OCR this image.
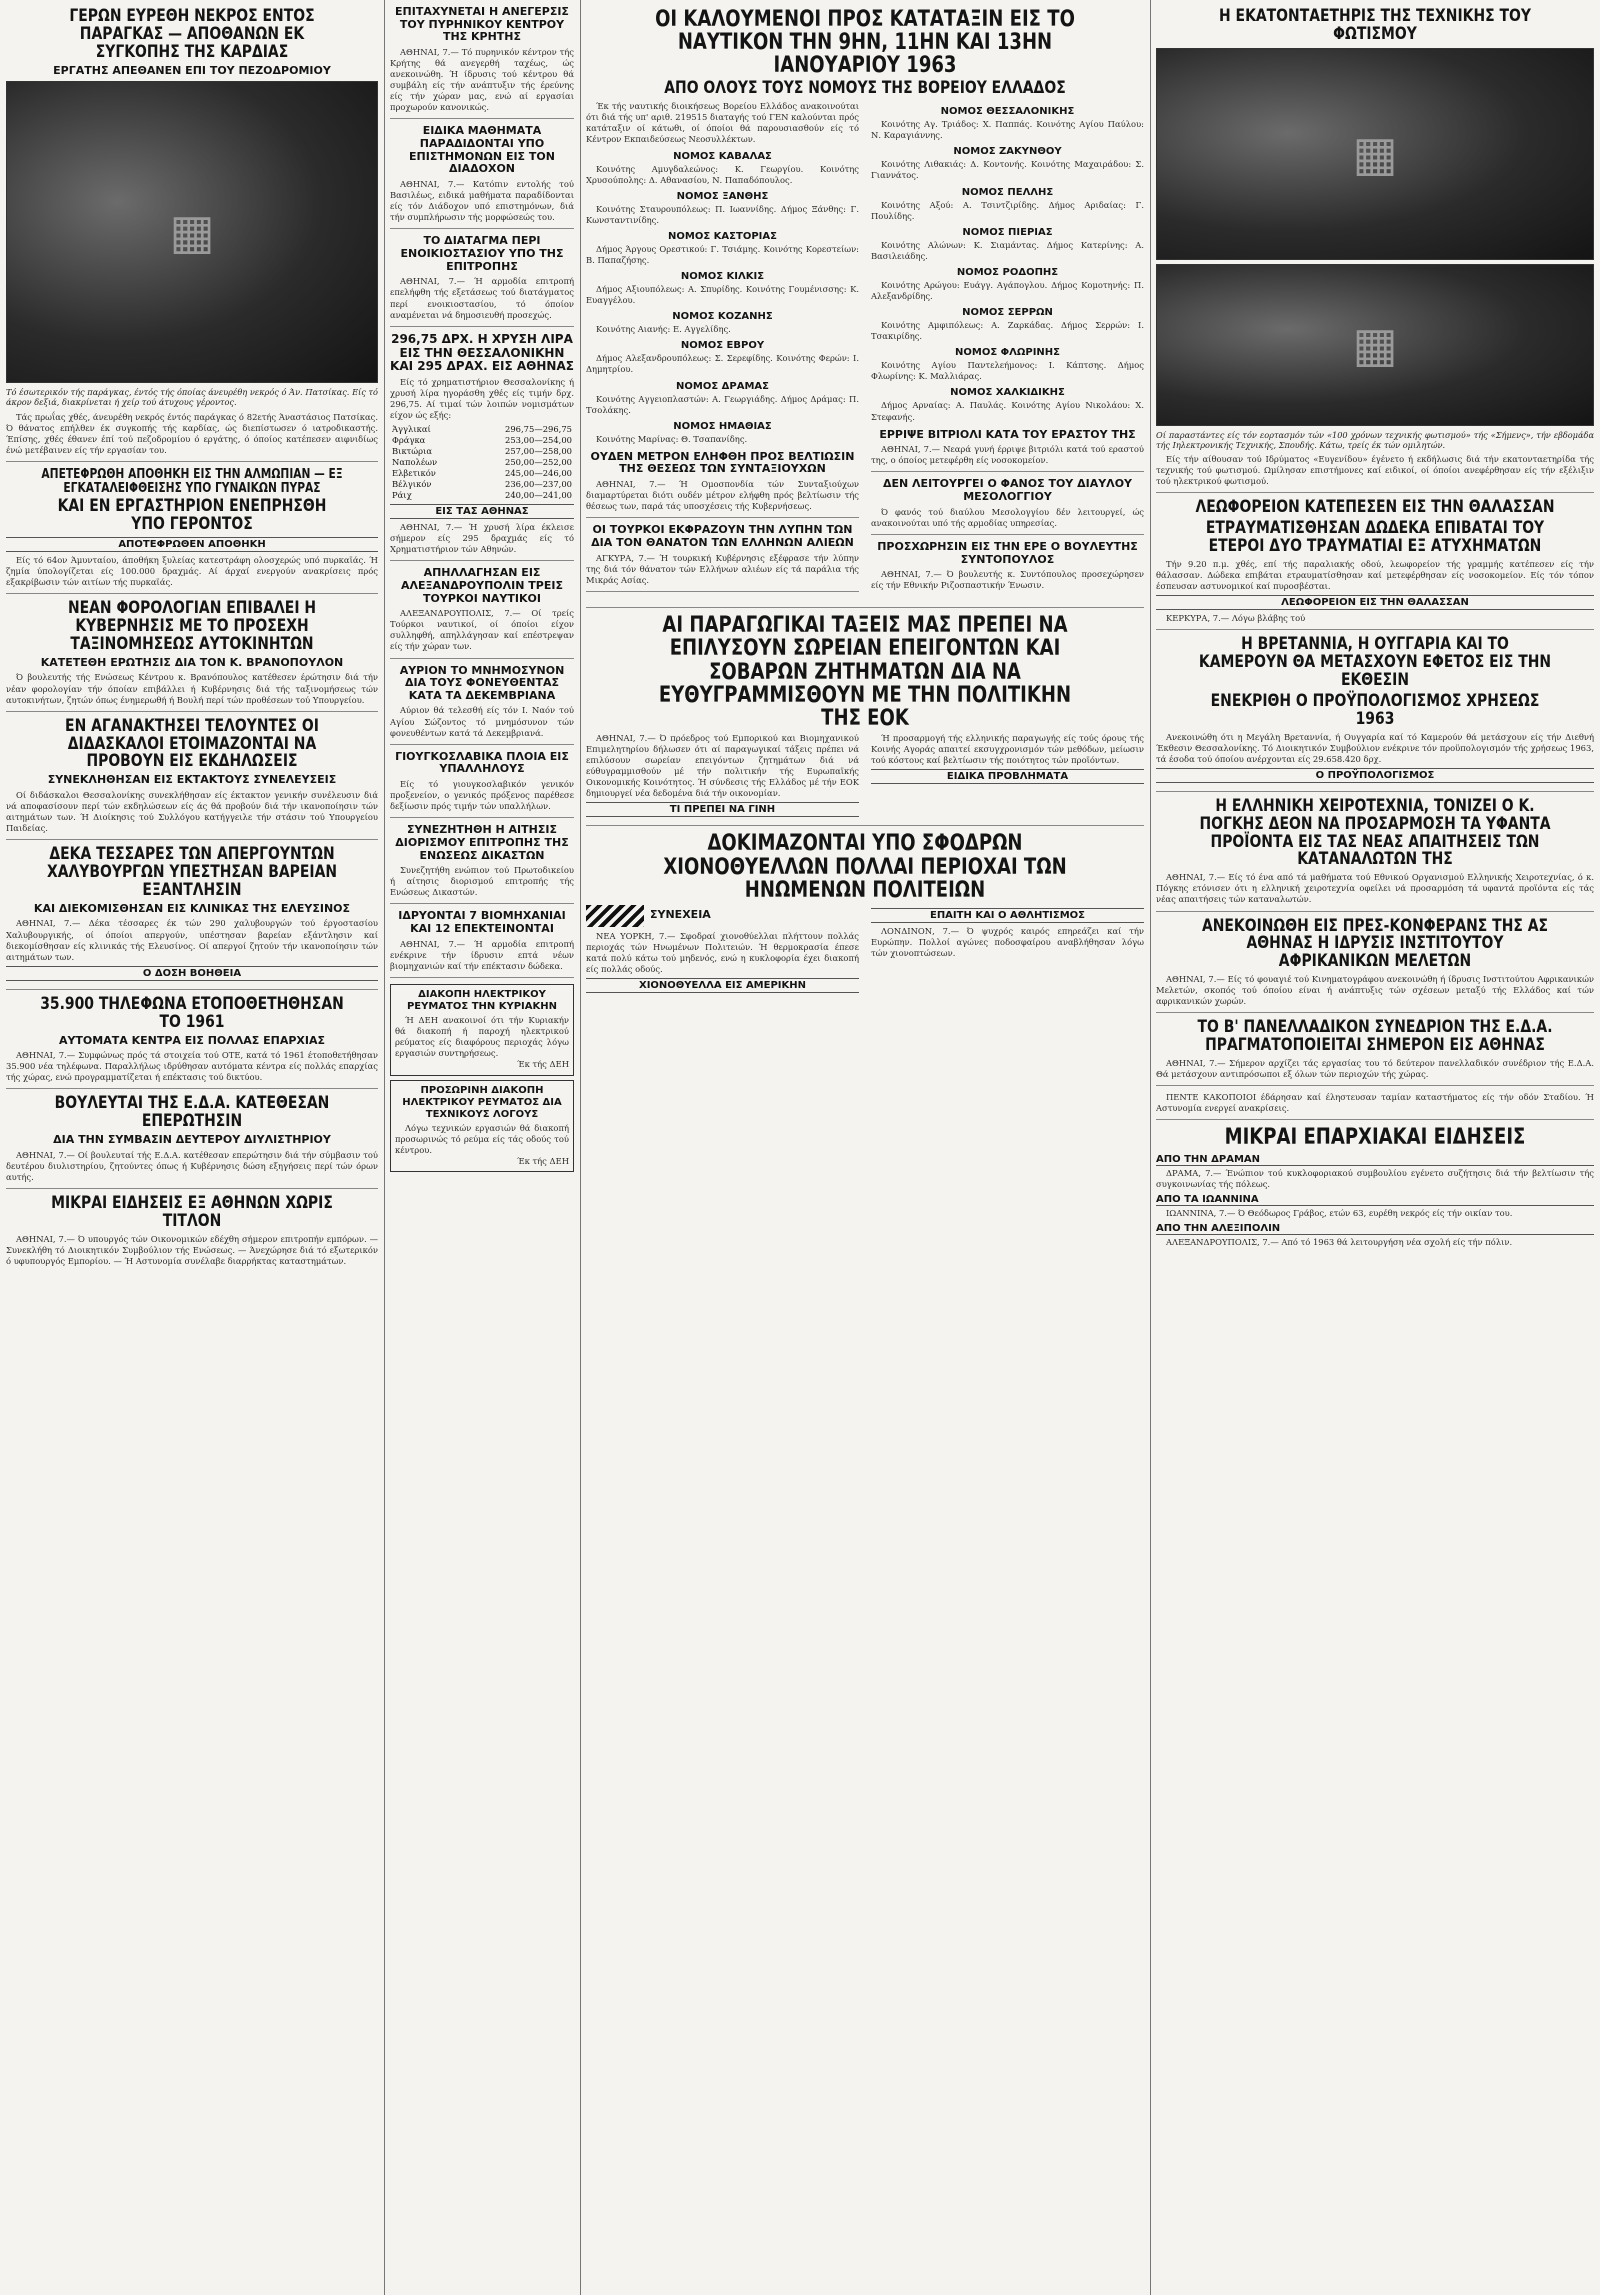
ΓΕΡΩΝ ΕΥΡΕΘΗ ΝΕΚΡΟΣ ΕΝΤΟΣ ΠΑΡΑΓΚΑΣ — ΑΠΟΘΑΝΩΝ ΕΚ ΣΥΓΚΟΠΗΣ ΤΗΣ ΚΑΡΔΙΑΣ
ΕΡΓΑΤΗΣ ΑΠΕΘΑΝΕΝ ΕΠΙ ΤΟΥ ΠΕΖΟΔΡΟΜΙΟΥ
▦

Τό έσωτερικόν τής παράγκας, έντός τής όποίας άνευρέθη νεκρός ό Άν. Πατσίκας. Είς τό άκρον δεξιά, διακρίνεται ή χείρ τού άτυχους γέροντος.

Τάς πρωΐας χθές, άνευρέθη νεκρός έντός παράγκας ό 82ετής Άναστάσιος Πατσίκας. Ό θάνατος επήλθεν έκ συγκοπής τής καρδίας, ώς διεπίστωσεν ό ιατροδικαστής. Έπίσης, χθές έθανεν έπί τού πεζοδρομίου ό εργάτης, ό όποίος κατέπεσεν αιφνιδίως ένώ μετέβαινεν είς τήν εργασίαν του.

ΑΠΕΤΕΦΡΩΘΗ ΑΠΟΘΗΚΗ ΕΙΣ ΤΗΝ ΑΛΜΩΠΙΑΝ — ΕΞ ΕΓΚΑΤΑΛΕΙΦΘΕΙΣΗΣ ΥΠΟ ΓΥΝΑΙΚΩΝ ΠΥΡΑΣ
ΚΑΙ ΕΝ ΕΡΓΑΣΤΗΡΙΟΝ ΕΝΕΠΡΗΣΘΗ ΥΠΟ ΓΕΡΟΝΤΟΣ
ΑΠΟΤΕΦΡΩΘΕΝ ΑΠΟΘΗΚΗ

Είς τό 64ον Άμυνταίου, άποθήκη ξυλείας κατεστράφη ολοσχερώς υπό πυρκαϊάς. Ή ζημία ύπολογίζεται είς 100.000 δραχμάς. Αί άρχαί ενεργούν ανακρίσεις πρός εξακρίβωσιν τών αιτίων τής πυρκαϊάς.

ΝΕΑΝ ΦΟΡΟΛΟΓΙΑΝ ΕΠΙΒΑΛΕΙ Η ΚΥΒΕΡΝΗΣΙΣ ΜΕ ΤΟ ΠΡΟΣΕΧΗ ΤΑΞΙΝΟΜΗΣΕΩΣ ΑΥΤΟΚΙΝΗΤΩΝ
ΚΑΤΕΤΕΘΗ ΕΡΩΤΗΣΙΣ ΔΙΑ ΤΟΝ Κ. ΒΡΑΝΟΠΟΥΛΟΝ

Ό βουλευτής τής Ενώσεως Κέντρου κ. Βρανόπουλος κατέθεσεν έρώτησιν διά τήν νέαν φορολογίαν τήν όποίαν επιβάλλει ή Κυβέρνησις διά τής ταξινομήσεως τών αυτοκινήτων, ζητών όπως ένημερωθή ή Βουλή περί τών προθέσεων τού Υπουργείου.

ΕΝ ΑΓΑΝΑΚΤΗΣΕΙ ΤΕΛΟΥΝΤΕΣ ΟΙ ΔΙΔΑΣΚΑΛΟΙ ΕΤΟΙΜΑΖΟΝΤΑΙ ΝΑ ΠΡΟΒΟΥΝ ΕΙΣ ΕΚΔΗΛΩΣΕΙΣ
ΣΥΝΕΚΛΗΘΗΣΑΝ ΕΙΣ ΕΚΤΑΚΤΟΥΣ ΣΥΝΕΛΕΥΣΕΙΣ

Οί διδάσκαλοι Θεσσαλονίκης συνεκλήθησαν είς έκτακτον γενικήν συνέλευσιν διά νά αποφασίσουν περί τών εκδηλώσεων είς άς θά προβούν διά τήν ικανοποίησιν τών αιτημάτων των. Ή Διοίκησις τού Συλλόγου κατήγγειλε τήν στάσιν τού Υπουργείου Παιδείας.

ΔΕΚΑ ΤΕΣΣΑΡΕΣ ΤΩΝ ΑΠΕΡΓΟΥΝΤΩΝ ΧΑΛΥΒΟΥΡΓΩΝ ΥΠΕΣΤΗΣΑΝ ΒΑΡΕΙΑΝ ΕΞΑΝΤΛΗΣΙΝ
ΚΑΙ ΔΙΕΚΟΜΙΣΘΗΣΑΝ ΕΙΣ ΚΛΙΝΙΚΑΣ ΤΗΣ ΕΛΕΥΣΙΝΟΣ

ΑΘΗΝΑΙ, 7.— Δέκα τέσσαρες έκ τών 290 χαλυβουργών τού έργοστασίου Χαλυβουργικής, οί όποίοι απεργούν, υπέστησαν βαρείαν εξάντλησιν καί διεκομίσθησαν είς κλινικάς τής Ελευσίνος. Οί απεργοί ζητούν τήν ικανοποίησιν τών αιτημάτων των.

Ο ΔΟΣΗ ΒΟΗΘΕΙΑ
35.900 ΤΗΛΕΦΩΝΑ ΕΤΟΠΟΘΕΤΗΘΗΣΑΝ ΤΟ 1961
ΑΥΤΟΜΑΤΑ ΚΕΝΤΡΑ ΕΙΣ ΠΟΛΛΑΣ ΕΠΑΡΧΙΑΣ

ΑΘΗΝΑΙ, 7.— Συμφώνως πρός τά στοιχεία τού ΟΤΕ, κατά τό 1961 έτοποθετήθησαν 35.900 νέα τηλέφωνα. Παραλλήλως ιδρύθησαν αυτόματα κέντρα είς πολλάς επαρχίας τής χώρας, ενώ προγραμματίζεται ή επέκτασις τού δικτύου.

ΒΟΥΛΕΥΤΑΙ ΤΗΣ Ε.Δ.Α. ΚΑΤΕΘΕΣΑΝ ΕΠΕΡΩΤΗΣΙΝ
ΔΙΑ ΤΗΝ ΣΥΜΒΑΣΙΝ ΔΕΥΤΕΡΟΥ ΔΙΥΛΙΣΤΗΡΙΟΥ

ΑΘΗΝΑΙ, 7.— Οί βουλευταί τής Ε.Δ.Α. κατέθεσαν επερώτησιν διά τήν σύμβασιν τού δευτέρου διυλιστηρίου, ζητούντες όπως ή Κυβέρνησις δώση εξηγήσεις περί τών όρων αυτής.

ΜΙΚΡΑΙ ΕΙΔΗΣΕΙΣ ΕΞ ΑΘΗΝΩΝ ΧΩΡΙΣ ΤΙΤΛΟΝ

ΑΘΗΝΑΙ, 7.— Ό υπουργός τών Οικονομικών εδέχθη σήμερον επιτροπήν εμπόρων. — Συνεκλήθη τό Διοικητικόν Συμβούλιον τής Ενώσεως. — Άνεχώρησε διά τό εξωτερικόν ό υφυπουργός Εμπορίου. — Ή Αστυνομία συνέλαβε διαρρήκτας καταστημάτων.

ΕΠΙΤΑΧΥΝΕΤΑΙ Η ΑΝΕΓΕΡΣΙΣ ΤΟΥ ΠΥΡΗΝΙΚΟΥ ΚΕΝΤΡΟΥ ΤΗΣ ΚΡΗΤΗΣ

ΑΘΗΝΑΙ, 7.— Τό πυρηνικόν κέντρον τής Κρήτης θά ανεγερθή ταχέως, ώς ανεκοινώθη. Ή ίδρυσις τού κέντρου θά συμβάλη είς τήν ανάπτυξιν τής έρεύνης είς τήν χώραν μας, ενώ αί εργασίαι προχωρούν κανονικώς.

ΕΙΔΙΚΑ ΜΑΘΗΜΑΤΑ ΠΑΡΑΔΙΔΟΝΤΑΙ ΥΠΟ ΕΠΙΣΤΗΜΟΝΩΝ ΕΙΣ ΤΟΝ ΔΙΑΔΟΧΟΝ

ΑΘΗΝΑΙ, 7.— Κατόπιν εντολής τού Βασιλέως, ειδικά μαθήματα παραδίδονται είς τόν Διάδοχον υπό επιστημόνων, διά τήν συμπλήρωσιν τής μορφώσεώς του.

ΤΟ ΔΙΑΤΑΓΜΑ ΠΕΡΙ ΕΝΟΙΚΙΟΣΤΑΣΙΟΥ ΥΠΟ ΤΗΣ ΕΠΙΤΡΟΠΗΣ

ΑΘΗΝΑΙ, 7.— Ή αρμοδία επιτροπή επελήφθη τής εξετάσεως τού διατάγματος περί ενοικιοστασίου, τό όποίον αναμένεται νά δημοσιευθή προσεχώς.

296,75 ΔΡΧ. Η ΧΡΥΣΗ ΛΙΡΑ ΕΙΣ ΤΗΝ ΘΕΣΣΑΛΟΝΙΚΗΝ ΚΑΙ 295 ΔΡΑΧ. ΕΙΣ ΑΘΗΝΑΣ

Είς τό χρηματιστήριον Θεσσαλονίκης ή χρυσή λίρα ηγοράσθη χθές είς τιμήν δρχ. 296,75. Αί τιμαί τών λοιπών νομισμάτων είχον ώς εξής:

Άγγλικαί	296,75—296,75
Φράγκα	253,00—254,00
Βικτώρια	257,00—258,00
Ναπολέων	250,00—252,00
Ελβετικόν	245,00—246,00
Βέλγικόν	236,00—237,00
Ράιχ	240,00—241,00
ΕΙΣ ΤΑΣ ΑΘΗΝΑΣ

ΑΘΗΝΑΙ, 7.— Ή χρυσή λίρα έκλεισε σήμερον είς 295 δραχμάς είς τό Χρηματιστήριον τών Αθηνών.

ΑΠΗΛΛΑΓΗΣΑΝ ΕΙΣ ΑΛΕΞΑΝΔΡΟΥΠΟΛΙΝ ΤΡΕΙΣ ΤΟΥΡΚΟΙ ΝΑΥΤΙΚΟΙ

ΑΛΕΞΑΝΔΡΟΥΠΟΛΙΣ, 7.— Οί τρείς Τούρκοι ναυτικοί, οί όποίοι είχον συλληφθή, απηλλάγησαν καί επέστρεψαν είς τήν χώραν των.

ΑΥΡΙΟΝ ΤΟ ΜΝΗΜΟΣΥΝΟΝ ΔΙΑ ΤΟΥΣ ΦΟΝΕΥΘΕΝΤΑΣ ΚΑΤΑ ΤΑ ΔΕΚΕΜΒΡΙΑΝΑ

Αύριον θά τελεσθή είς τόν Ι. Ναόν τού Αγίου Σώζοντος τό μνημόσυνον τών φονευθέντων κατά τά Δεκεμβριανά.

ΓΙΟΥΓΚΟΣΛΑΒΙΚΑ ΠΛΟΙΑ ΕΙΣ ΥΠΑΛΛΗΛΟΥΣ

Είς τό γιουγκοσλαβικόν γενικόν προξενείον, ο γενικός πρόξενος παρέθεσε δεξίωσιν πρός τιμήν τών υπαλλήλων.

ΣΥΝΕΖΗΤΗΘΗ Η ΑΙΤΗΣΙΣ ΔΙΟΡΙΣΜΟΥ ΕΠΙΤΡΟΠΗΣ ΤΗΣ ΕΝΩΣΕΩΣ ΔΙΚΑΣΤΩΝ

Συνεζητήθη ενώπιον τού Πρωτοδικείου ή αίτησις διορισμού επιτροπής τής Ενώσεως Δικαστών.

ΙΔΡΥΟΝΤΑΙ 7 ΒΙΟΜΗΧΑΝΙΑΙ ΚΑΙ 12 ΕΠΕΚΤΕΙΝΟΝΤΑΙ

ΑΘΗΝΑΙ, 7.— Ή αρμοδία επιτροπή ενέκρινε τήν ίδρυσιν επτά νέων βιομηχανιών καί τήν επέκτασιν δώδεκα.

ΔΙΑΚΟΠΗ ΗΛΕΚΤΡΙΚΟΥ ΡΕΥΜΑΤΟΣ ΤΗΝ ΚΥΡΙΑΚΗΝ

Ή ΔΕΗ ανακοινοί ότι τήν Κυριακήν θά διακοπή ή παροχή ηλεκτρικού ρεύματος είς διαφόρους περιοχάς λόγω εργασιών συντηρήσεως.

Έκ τής ΔΕΗ

ΠΡΟΣΩΡΙΝΗ ΔΙΑΚΟΠΗ ΗΛΕΚΤΡΙΚΟΥ ΡΕΥΜΑΤΟΣ ΔΙΑ ΤΕΧΝΙΚΟΥΣ ΛΟΓΟΥΣ

Λόγω τεχνικών εργασιών θά διακοπή προσωρινώς τό ρεύμα είς τάς οδούς τού κέντρου.

Έκ τής ΔΕΗ

ΟΙ ΚΑΛΟΥΜΕΝΟΙ ΠΡΟΣ ΚΑΤΑΤΑΞΙΝ ΕΙΣ ΤΟ ΝΑΥΤΙΚΟΝ ΤΗΝ 9ΗΝ, 11ΗΝ ΚΑΙ 13ΗΝ ΙΑΝΟΥΑΡΙΟΥ 1963
ΑΠΟ ΟΛΟΥΣ ΤΟΥΣ ΝΟΜΟΥΣ ΤΗΣ ΒΟΡΕΙΟΥ ΕΛΛΑΔΟΣ

Έκ τής ναυτικής διοικήσεως Βορείου Ελλάδος ανακοινούται ότι διά τής υπ' αριθ. 219515 διαταγής τού ΓΕΝ καλούνται πρός κατάταξιν οί κάτωθι, οί όποίοι θά παρουσιασθούν είς τό Κέντρον Εκπαιδεύσεως Νεοσυλλέκτων.

ΝΟΜΟΣ ΚΑΒΑΛΑΣ

Κοινότης Αμυγδαλεώνος: Κ. Γεωργίου. Κοινότης Χρυσούπολης: Δ. Αθανασίου, Ν. Παπαδόπουλος.

ΝΟΜΟΣ ΞΑΝΘΗΣ

Κοινότης Σταυρουπόλεως: Π. Ιωαννίδης. Δήμος Ξάνθης: Γ. Κωνσταντινίδης.

ΝΟΜΟΣ ΚΑΣΤΟΡΙΑΣ

Δήμος Άργους Ορεστικού: Γ. Τσιάμης. Κοινότης Κορεστείων: Β. Παπαζήσης.

ΝΟΜΟΣ ΚΙΛΚΙΣ

Δήμος Αξιουπόλεως: Α. Σπυρίδης. Κοινότης Γουμένισσης: Κ. Ευαγγέλου.

ΝΟΜΟΣ ΚΟΖΑΝΗΣ

Κοινότης Αιανής: Ε. Αγγελίδης.

ΝΟΜΟΣ ΕΒΡΟΥ

Δήμος Αλεξανδρουπόλεως: Σ. Σερεφίδης. Κοινότης Φερών: Ι. Δημητρίου.

ΝΟΜΟΣ ΔΡΑΜΑΣ

Κοινότης Αγγειοπλαστών: Α. Γεωργιάδης. Δήμος Δράμας: Π. Τσολάκης.

ΝΟΜΟΣ ΗΜΑΘΙΑΣ

Κοινότης Μαρίνας: Θ. Τσαπανίδης.

ΟΥΔΕΝ ΜΕΤΡΟΝ ΕΛΗΦΘΗ ΠΡΟΣ ΒΕΛΤΙΩΣΙΝ ΤΗΣ ΘΕΣΕΩΣ ΤΩΝ ΣΥΝΤΑΞΙΟΥΧΩΝ

ΑΘΗΝΑΙ, 7.— Ή Ομοσπονδία τών Συνταξιούχων διαμαρτύρεται διότι ουδέν μέτρον ελήφθη πρός βελτίωσιν τής θέσεως των, παρά τάς υποσχέσεις τής Κυβερνήσεως.

ΟΙ ΤΟΥΡΚΟΙ ΕΚΦΡΑΖΟΥΝ ΤΗΝ ΛΥΠΗΝ ΤΩΝ ΔΙΑ ΤΟΝ ΘΑΝΑΤΟΝ ΤΩΝ ΕΛΛΗΝΩΝ ΑΛΙΕΩΝ

ΑΓΚΥΡΑ, 7.— Ή τουρκική Κυβέρνησις εξέφρασε τήν λύπην της διά τόν θάνατον τών Ελλήνων αλιέων είς τά παράλια τής Μικράς Ασίας.

ΝΟΜΟΣ ΘΕΣΣΑΛΟΝΙΚΗΣ

Κοινότης Αγ. Τριάδος: Χ. Παππάς. Κοινότης Αγίου Παύλου: Ν. Καραγιάννης.

ΝΟΜΟΣ ΖΑΚΥΝΘΟΥ

Κοινότης Λιθακιάς: Δ. Κοντονής. Κοινότης Μαχαιράδου: Σ. Γιαννάτος.

ΝΟΜΟΣ ΠΕΛΛΗΣ

Κοινότης Αξού: Α. Τσιντζιρίδης. Δήμος Αριδαίας: Γ. Πουλίδης.

ΝΟΜΟΣ ΠΙΕΡΙΑΣ

Κοινότης Αλώνων: Κ. Σιαμάντας. Δήμος Κατερίνης: Α. Βασιλειάδης.

ΝΟΜΟΣ ΡΟΔΟΠΗΣ

Κοινότης Αρώγου: Ευάγγ. Αγάπογλου. Δήμος Κομοτηνής: Π. Αλεξανδρίδης.

ΝΟΜΟΣ ΣΕΡΡΩΝ

Κοινότης Αμφιπόλεως: Α. Ζαρκάδας. Δήμος Σερρών: Ι. Τσακιρίδης.

ΝΟΜΟΣ ΦΛΩΡΙΝΗΣ

Κοινότης Αγίου Παντελεήμονος: Ι. Κάπτσης. Δήμος Φλωρίνης: Κ. Μαλλιάρας.

ΝΟΜΟΣ ΧΑΛΚΙΔΙΚΗΣ

Δήμος Αρναίας: Α. Παυλάς. Κοινότης Αγίου Νικολάου: Χ. Στεφανής.

ΕΡΡΙΨΕ ΒΙΤΡΙΟΛΙ ΚΑΤΑ ΤΟΥ ΕΡΑΣΤΟΥ ΤΗΣ

ΑΘΗΝΑΙ, 7.— Νεαρά γυνή έρριψε βιτριόλι κατά τού εραστού της, ο όποίος μετεφέρθη είς νοσοκομείον.

ΔΕΝ ΛΕΙΤΟΥΡΓΕΙ Ο ΦΑΝΟΣ ΤΟΥ ΔΙΑΥΛΟΥ ΜΕΣΟΛΟΓΓΙΟΥ

Ό φανός τού διαύλου Μεσολογγίου δέν λειτουργεί, ώς ανακοινούται υπό τής αρμοδίας υπηρεσίας.

ΠΡΟΣΧΩΡΗΣΙΝ ΕΙΣ ΤΗΝ ΕΡΕ Ο ΒΟΥΛΕΥΤΗΣ ΣΥΝΤΟΠΟΥΛΟΣ

ΑΘΗΝΑΙ, 7.— Ό βουλευτής κ. Συντόπουλος προσεχώρησεν είς τήν Εθνικήν Ριζοσπαστικήν Ένωσιν.

ΑΙ ΠΑΡΑΓΩΓΙΚΑΙ ΤΑΞΕΙΣ ΜΑΣ ΠΡΕΠΕΙ ΝΑ ΕΠΙΛΥΣΟΥΝ ΣΩΡΕΙΑΝ ΕΠΕΙΓΟΝΤΩΝ ΚΑΙ ΣΟΒΑΡΩΝ ΖΗΤΗΜΑΤΩΝ ΔΙΑ ΝΑ ΕΥΘΥΓΡΑΜΜΙΣΘΟΥΝ ΜΕ ΤΗΝ ΠΟΛΙΤΙΚΗΝ ΤΗΣ ΕΟΚ

ΑΘΗΝΑΙ, 7.— Ό πρόεδρος τού Εμπορικού και Βιομηχανικού Επιμελητηρίου δήλωσεν ότι αί παραγωγικαί τάξεις πρέπει νά επιλύσουν σωρείαν επειγόντων ζητημάτων διά νά εύθυγραμμισθούν μέ τήν πολιτικήν τής Ευρωπαϊκής Οικονομικής Κοινότητος. Ή σύνδεσις τής Ελλάδος μέ τήν ΕΟΚ δημιουργεί νέα δεδομένα διά τήν οικονομίαν.

ΤΙ ΠΡΕΠΕΙ ΝΑ ΓΙΝΗ

Ή προσαρμογή τής ελληνικής παραγωγής είς τούς όρους τής Κοινής Αγοράς απαιτεί εκσυγχρονισμόν τών μεθόδων, μείωσιν τού κόστους καί βελτίωσιν τής ποιότητος τών προϊόντων.

ΕΙΔΙΚΑ ΠΡΟΒΛΗΜΑΤΑ
ΔΟΚΙΜΑΖΟΝΤΑΙ ΥΠΟ ΣΦΟΔΡΩΝ ΧΙΟΝΟΘΥΕΛΛΩΝ ΠΟΛΛΑΙ ΠΕΡΙΟΧΑΙ ΤΩΝ ΗΝΩΜΕΝΩΝ ΠΟΛΙΤΕΙΩΝ
ΣΥΝΕΧΕΙΑ

ΝΕΑ ΥΟΡΚΗ, 7.— Σφοδραί χιονοθύελλαι πλήττουν πολλάς περιοχάς τών Ηνωμένων Πολιτειών. Ή θερμοκρασία έπεσε κατά πολύ κάτω τού μηδενός, ενώ η κυκλοφορία έχει διακοπή είς πολλάς οδούς.

ΧΙΟΝΟΘΥΕΛΛΑ ΕΙΣ ΑΜΕΡΙΚΗΝ
ΕΠΑΙΤΗ ΚΑΙ Ο ΑΘΛΗΤΙΣΜΟΣ

ΛΟΝΔΙΝΟΝ, 7.— Ό ψυχρός καιρός επηρεάζει καί τήν Ευρώπην. Πολλοί αγώνες ποδοσφαίρου αναβλήθησαν λόγω τών χιονοπτώσεων.

Η ΕΚΑΤΟΝΤΑΕΤΗΡΙΣ ΤΗΣ ΤΕΧΝΙΚΗΣ ΤΟΥ ΦΩΤΙΣΜΟΥ
▦
▦

Οί παραστάντες είς τόν εορτασμόν τών «100 χρόνων τεχνικής φωτισμού» τής «Σήμενς», τήν εβδομάδα τής Ιηλεκτρονικής Τεχνικής, Σπουδής. Κάτω, τρείς έκ τών ομιλητών.

Είς τήν αίθουσαν τού Ιδρύματος «Ευγενίδου» έγένετο ή εκδήλωσις διά τήν εκατονταετηρίδα τής τεχνικής τού φωτισμού. Ωμίλησαν επιστήμονες καί ειδικοί, οί όποίοι ανεφέρθησαν είς τήν εξέλιξιν τού ηλεκτρικού φωτισμού.

ΛΕΩΦΟΡΕΙΟΝ ΚΑΤΕΠΕΣΕΝ ΕΙΣ ΤΗΝ ΘΑΛΑΣΣΑΝ
ΕΤΡΑΥΜΑΤΙΣΘΗΣΑΝ ΔΩΔΕΚΑ ΕΠΙΒΑΤΑΙ ΤΟΥ ΕΤΕΡΟΙ ΔΥΟ ΤΡΑΥΜΑΤΙΑΙ ΕΞ ΑΤΥΧΗΜΑΤΩΝ

Τήν 9.20 π.μ. χθές, επί τής παραλιακής οδού, λεωφορείον τής γραμμής κατέπεσεν είς τήν θάλασσαν. Δώδεκα επιβάται ετραυματίσθησαν καί μετεφέρθησαν είς νοσοκομείον. Είς τόν τόπον έσπευσαν αστυνομικοί καί πυροσβέσται.

ΛΕΩΦΟΡΕΙΟΝ ΕΙΣ ΤΗΝ ΘΑΛΑΣΣΑΝ

ΚΕΡΚΥΡΑ, 7.— Λόγω βλάβης τού

Η ΒΡΕΤΑΝΝΙΑ, Η ΟΥΓΓΑΡΙΑ ΚΑΙ ΤΟ ΚΑΜΕΡΟΥΝ ΘΑ ΜΕΤΑΣΧΟΥΝ ΕΦΕΤΟΣ ΕΙΣ ΤΗΝ ΕΚΘΕΣΙΝ
ΕΝΕΚΡΙΘΗ Ο ΠΡΟΫΠΟΛΟΓΙΣΜΟΣ ΧΡΗΣΕΩΣ 1963

Ανεκοινώθη ότι η Μεγάλη Βρεταννία, ή Ουγγαρία καί τό Καμερούν θά μετάσχουν είς τήν Διεθνή Έκθεσιν Θεσσαλονίκης. Τό Διοικητικόν Συμβούλιον ενέκρινε τόν προϋπολογισμόν τής χρήσεως 1963, τά έσοδα τού όποίου ανέρχονται είς 29.658.420 δρχ.

Ο ΠΡΟΫΠΟΛΟΓΙΣΜΟΣ
Η ΕΛΛΗΝΙΚΗ ΧΕΙΡΟΤΕΧΝΙΑ, ΤΟΝΙΖΕΙ Ο Κ. ΠΟΓΚΗΣ ΔΕΟΝ ΝΑ ΠΡΟΣΑΡΜΟΣΗ ΤΑ ΥΦΑΝΤΑ ΠΡΟΪΟΝΤΑ ΕΙΣ ΤΑΣ ΝΕΑΣ ΑΠΑΙΤΗΣΕΙΣ ΤΩΝ ΚΑΤΑΝΑΛΩΤΩΝ ΤΗΣ

ΑΘΗΝΑΙ, 7.— Είς τό ένα από τά μαθήματα τού Εθνικού Οργανισμού Ελληνικής Χειροτεχνίας, ό κ. Πόγκης ετόνισεν ότι η ελληνική χειροτεχνία οφείλει νά προσαρμόση τά υφαντά προϊόντα είς τάς νέας απαιτήσεις τών καταναλωτών.

ΑΝΕΚΟΙΝΩΘΗ ΕΙΣ ΠΡΕΣ-ΚΟΝΦΕΡΑΝΣ ΤΗΣ ΑΣ ΑΘΗΝΑΣ Η ΙΔΡΥΣΙΣ ΙΝΣΤΙΤΟΥΤΟΥ ΑΦΡΙΚΑΝΙΚΩΝ ΜΕΛΕΤΩΝ

ΑΘΗΝΑΙ, 7.— Είς τό φουαγιέ τού Κινηματογράφου ανεκοινώθη ή ίδρυσις Ινστιτούτου Αφρικανικών Μελετών, σκοπός τού όποίου είναι ή ανάπτυξις τών σχέσεων μεταξύ τής Ελλάδος καί τών αφρικανικών χωρών.

ΤΟ Β' ΠΑΝΕΛΛΑΔΙΚΟΝ ΣΥΝΕΔΡΙΟΝ ΤΗΣ Ε.Δ.Α. ΠΡΑΓΜΑΤΟΠΟΙΕΙΤΑΙ ΣΗΜΕΡΟΝ ΕΙΣ ΑΘΗΝΑΣ

ΑΘΗΝΑΙ, 7.— Σήμερον αρχίζει τάς εργασίας του τό δεύτερον πανελλαδικόν συνέδριον τής Ε.Δ.Α. Θά μετάσχουν αντιπρόσωποι εξ όλων τών περιοχών τής χώρας.

ΠΕΝΤΕ ΚΑΚΟΠΟΙΟΙ έδάρησαν καί έληστευσαν ταμίαν καταστήματος είς τήν οδόν Σταδίου. Ή Αστυνομία ενεργεί ανακρίσεις.

ΜΙΚΡΑΙ ΕΠΑΡΧΙΑΚΑΙ ΕΙΔΗΣΕΙΣ
ΑΠΟ ΤΗΝ ΔΡΑΜΑΝ

ΔΡΑΜΑ, 7.— Ένώπιον τού κυκλοφοριακού συμβουλίου εγένετο συζήτησις διά τήν βελτίωσιν τής συγκοινωνίας τής πόλεως.

ΑΠΟ ΤΑ ΙΩΑΝΝΙΝΑ

ΙΩΑΝΝΙΝΑ, 7.— Ό Θεόδωρος Γράβος, ετών 63, ευρέθη νεκρός είς τήν οικίαν του.

ΑΠΟ ΤΗΝ ΑΛΕΞΙΠΟΛΙΝ

ΑΛΕΞΑΝΔΡΟΥΠΟΛΙΣ, 7.— Από τό 1963 θά λειτουργήση νέα σχολή είς τήν πόλιν.
